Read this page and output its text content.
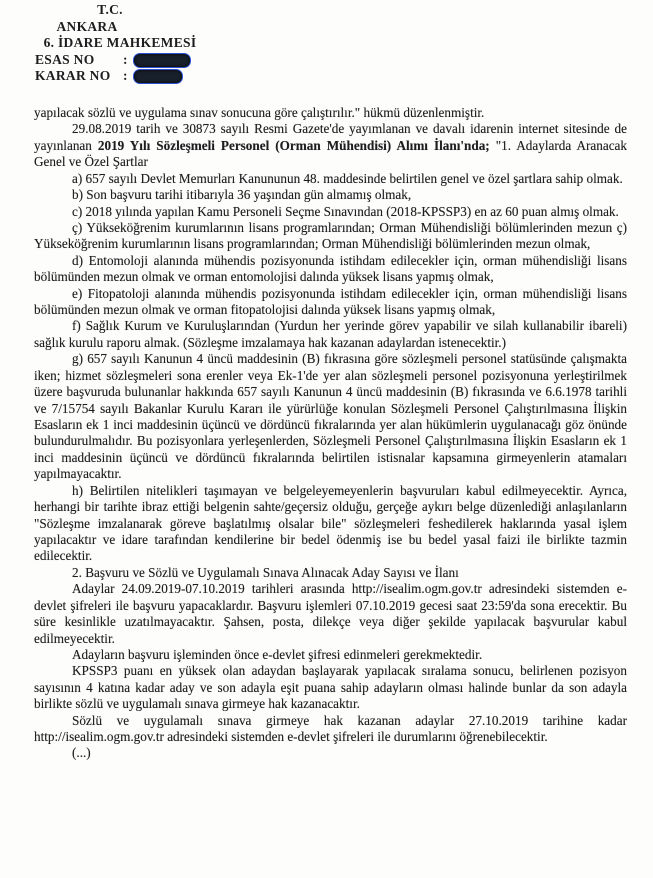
T.C.
ANKARA
6. İDARE MAHKEMESİ
ESAS NO	:
KARAR NO :

yapılacak sözlü ve uygulama sınav sonucuna göre çalıştırılır." hükmü düzenlenmiştir.

29.08.2019 tarih ve 30873 sayılı Resmi Gazete'de yayımlanan ve davalı idarenin internet sitesinde de yayınlanan 2019 Yılı Sözleşmeli Personel (Orman Mühendisi) Alımı İlanı'nda; "1. Adaylarda Aranacak Genel ve Özel Şartlar

a) 657 sayılı Devlet Memurları Kanununun 48. maddesinde belirtilen genel ve özel şartlara sahip olmak.

b) Son başvuru tarihi itibarıyla 36 yaşından gün almamış olmak,

c) 2018 yılında yapılan Kamu Personeli Seçme Sınavından (2018-KPSSP3) en az 60 puan almış olmak.

ç) Yükseköğrenim kurumlarının lisans programlarından; Orman Mühendisliği bölümlerinden mezun ç) Yükseköğrenim kurumlarının lisans programlarından; Orman Mühendisliği bölümlerinden mezun olmak,

d) Entomoloji alanında mühendis pozisyonunda istihdam edilecekler için, orman mühendisliği lisans bölümünden mezun olmak ve orman entomolojisi dalında yüksek lisans yapmış olmak,

e) Fitopatoloji alanında mühendis pozisyonunda istihdam edilecekler için, orman mühendisliği lisans bölümünden mezun olmak ve orman fitopatolojisi dalında yüksek lisans yapmış olmak,

f) Sağlık Kurum ve Kuruluşlarından (Yurdun her yerinde görev yapabilir ve silah kullanabilir ibareli) sağlık kurulu raporu almak. (Sözleşme imzalamaya hak kazanan adaylardan istenecektir.)

g) 657 sayılı Kanunun 4 üncü maddesinin (B) fıkrasına göre sözleşmeli personel statüsünde çalışmakta iken; hizmet sözleşmeleri sona erenler veya Ek-1'de yer alan sözleşmeli personel pozisyonuna yerleştirilmek üzere başvuruda bulunanlar hakkında 657 sayılı Kanunun 4 üncü maddesinin (B) fıkrasında ve 6.6.1978 tarihli ve 7/15754 sayılı Bakanlar Kurulu Kararı ile yürürlüğe konulan Sözleşmeli Personel Çalıştırılmasına İlişkin Esasların ek 1 inci maddesinin üçüncü ve dördüncü fıkralarında yer alan hükümlerin uygulanacağı göz önünde bulundurulmalıdır. Bu pozisyonlara yerleşenlerden, Sözleşmeli Personel Çalıştırılmasına İlişkin Esasların ek 1 inci maddesinin üçüncü ve dördüncü fıkralarında belirtilen istisnalar kapsamına girmeyenlerin atamaları yapılmayacaktır.

h) Belirtilen nitelikleri taşımayan ve belgeleyemeyenlerin başvuruları kabul edilmeyecektir. Ayrıca, herhangi bir tarihte ibraz ettiği belgenin sahte/geçersiz olduğu, gerçeğe aykırı belge düzenlediği anlaşılanların "Sözleşme imzalanarak göreve başlatılmış olsalar bile" sözleşmeleri feshedilerek haklarında yasal işlem yapılacaktır ve idare tarafından kendilerine bir bedel ödenmiş ise bu bedel yasal faizi ile birlikte tazmin edilecektir.

2. Başvuru ve Sözlü ve Uygulamalı Sınava Alınacak Aday Sayısı ve İlanı

Adaylar 24.09.2019-07.10.2019 tarihleri arasında http://isealim.ogm.gov.tr adresindeki sistemden e-devlet şifreleri ile başvuru yapacaklardır. Başvuru işlemleri 07.10.2019 gecesi saat 23:59'da sona erecektir. Bu süre kesinlikle uzatılmayacaktır. Şahsen, posta, dilekçe veya diğer şekilde yapılacak başvurular kabul edilmeyecektir.

Adayların başvuru işleminden önce e-devlet şifresi edinmeleri gerekmektedir.

KPSSP3 puanı en yüksek olan adaydan başlayarak yapılacak sıralama sonucu, belirlenen pozisyon sayısının 4 katına kadar aday ve son adayla eşit puana sahip adayların olması halinde bunlar da son adayla birlikte sözlü ve uygulamalı sınava girmeye hak kazanacaktır.

Sözlü ve uygulamalı sınava girmeye hak kazanan adaylar 27.10.2019 tarihine kadar http://isealim.ogm.gov.tr adresindeki sistemden e-devlet şifreleri ile durumlarını öğrenebilecektir.

(...)
